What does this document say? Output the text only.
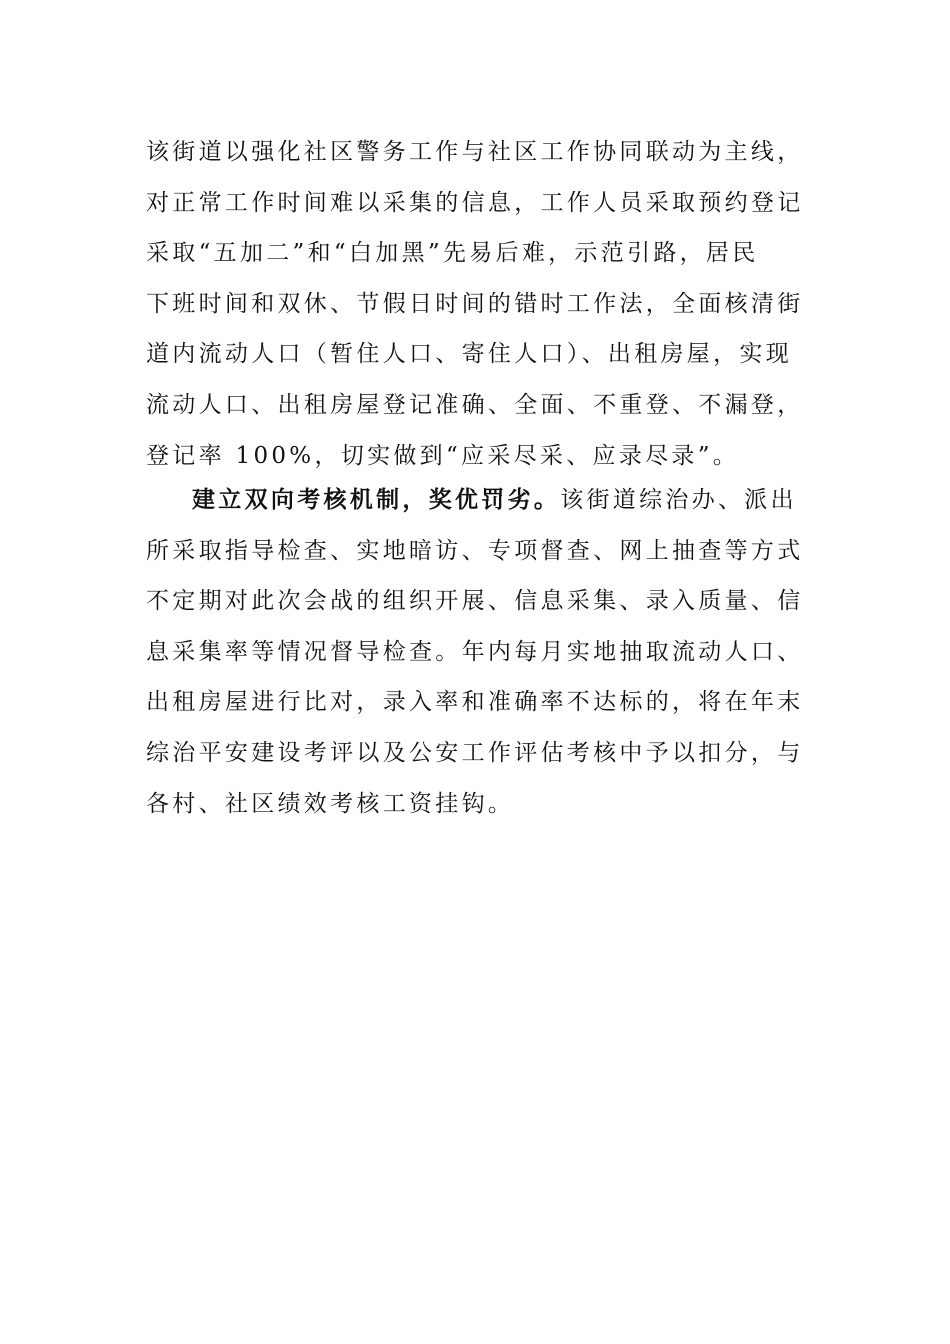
该街道以强化社区警务工作与社区工作协同联动为主线，
对正常工作时间难以采集的信息，工作人员采取预约登记
采取“五加二”和“白加黑”先易后难，示范引路，居民
下班时间和双休、节假日时间的错时工作法，全面核清街
道内流动人口（暂住人口、寄住人口）、出租房屋，实现
流动人口、出租房屋登记准确、全面、不重登、不漏登，
登记率 100%，切实做到“应采尽采、应录尽录”。
建立双向考核机制，奖优罚劣。该街道综治办、派出
所采取指导检查、实地暗访、专项督查、网上抽查等方式
不定期对此次会战的组织开展、信息采集、录入质量、信
息采集率等情况督导检查。年内每月实地抽取流动人口、
出租房屋进行比对，录入率和准确率不达标的，将在年末
综治平安建设考评以及公安工作评估考核中予以扣分，与
各村、社区绩效考核工资挂钩。
